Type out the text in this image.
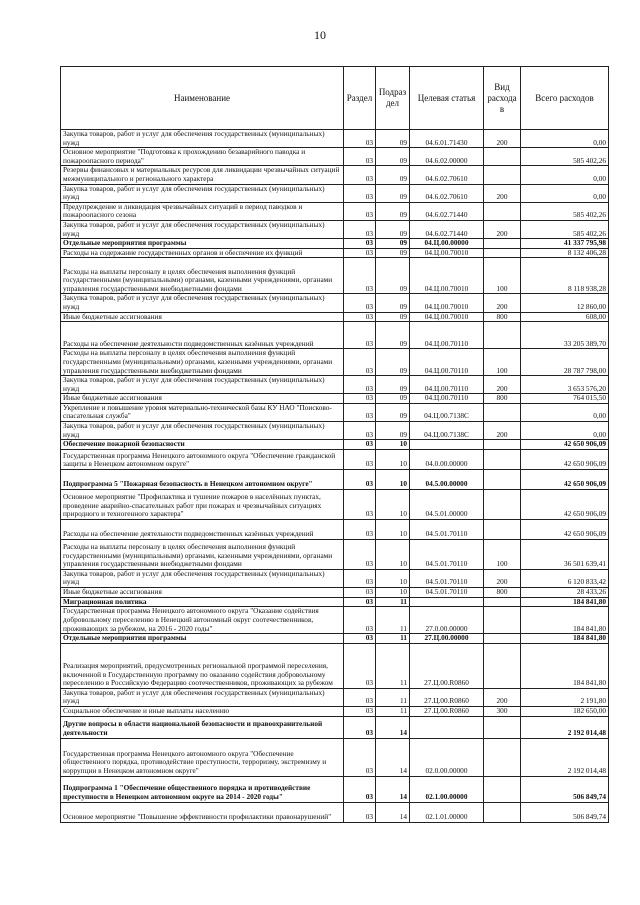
10
Наименование	Раздел	Подраз дел	Целевая статья	Вид расхода в	Всего расходов
Закупка товаров, работ и услуг для обеспечения государственных (муниципальных) нужд	03	09	04.6.01.71430	200	0,00
Основное мероприятие "Подготовка к прохождению безаварийного паводка и пожароопасного периода"	03	09	04.6.02.00000		585 402,26
Резервы финансовых и материальных ресурсов для ликвидации чрезвычайных ситуаций межмуниципального и регионального характера	03	09	04.6.02.70610		0,00
Закупка товаров, работ и услуг для обеспечения государственных (муниципальных) нужд	03	09	04.6.02.70610	200	0,00
Предупреждение и ликвидация чрезвычайных ситуаций в период паводков и пожароопасного сезона	03	09	04.6.02.71440		585 402,26
Закупка товаров, работ и услуг для обеспечения государственных (муниципальных) нужд	03	09	04.6.02.71440	200	585 402,26
Отдельные мероприятия программы	03	09	04.Ц.00.00000		41 337 795,98
Расходы на содержание государственных органов и обеспечение их функций	03	09	04.Ц.00.70010		8 132 406,28
Расходы на выплаты персоналу в целях обеспечения выполнения функций государственными (муниципальными) органами, казенными учреждениями, органами управления государственными внебюджетными фондами	03	09	04.Ц.00.70010	100	8 118 938,28
Закупка товаров, работ и услуг для обеспечения государственных (муниципальных) нужд	03	09	04.Ц.00.70010	200	12 860,00
Иные бюджетные ассигнования	03	09	04.Ц.00.70010	800	608,00
Расходы на обеспечение деятельности подведомственных казённых учреждений	03	09	04.Ц.00.70110		33 205 389,70
Расходы на выплаты персоналу в целях обеспечения выполнения функций государственными (муниципальными) органами, казенными учреждениями, органами управления государственными внебюджетными фондами	03	09	04.Ц.00.70110	100	28 787 798,00
Закупка товаров, работ и услуг для обеспечения государственных (муниципальных) нужд	03	09	04.Ц.00.70110	200	3 653 576,20
Иные бюджетные ассигнования	03	09	04.Ц.00.70110	800	764 015,50
Укрепление и повышение уровня материально-технической базы КУ НАО "Поисково-спасательная служба"	03	09	04.Ц.00.7138С		0,00
Закупка товаров, работ и услуг для обеспечения государственных (муниципальных) нужд	03	09	04.Ц.00.7138С	200	0,00
Обеспечение пожарной безопасности	03	10			42 650 906,09
Государственная программа Ненецкого автономного округа "Обеспечение гражданской защиты в Ненецком автономном округе"	03	10	04.0.00.00000		42 650 906,09
Подпрограмма 5 "Пожарная безопасность в Ненецком автономном округе"	03	10	04.5.00.00000		42 650 906,09
Основное мероприятие "Профилактика и тушение пожаров в населённых пунктах, проведение аварийно-спасательных работ при пожарах и чрезвычайных ситуациях природного и техногенного характера"	03	10	04.5.01.00000		42 650 906,09
Расходы на обеспечение деятельности подведомственных казённых учреждений	03	10	04.5.01.70110		42 650 906,09
Расходы на выплаты персоналу в целях обеспечения выполнения функций государственными (муниципальными) органами, казенными учреждениями, органами управления государственными внебюджетными фондами	03	10	04.5.01.70110	100	36 501 639,41
Закупка товаров, работ и услуг для обеспечения государственных (муниципальных) нужд	03	10	04.5.01.70110	200	6 120 833,42
Иные бюджетные ассигнования	03	10	04.5.01.70110	800	28 433,26
Миграционная политика	03	11			184 841,80
Государственная программа Ненецкого автономного округа "Оказание содействия добровольному переселению в Ненецкий автономный округ соотечественников, проживающих за рубежом, на 2016 - 2020 годы"	03	11	27.0.00.00000		184 841,80
Отдельные мероприятия программы	03	11	27.Ц.00.00000		184 841,80
Реализация мероприятий, предусмотренных региональной программой переселения, включенной в Государственную программу по оказанию содействия добровольному переселению в Российскую Федерацию соотечественников, проживающих за рубежом	03	11	27.Ц.00.R0860		184 841,80
Закупка товаров, работ и услуг для обеспечения государственных (муниципальных) нужд	03	11	27.Ц.00.R0860	200	2 191,80
Социальное обеспечение и иные выплаты населению	03	11	27.Ц.00.R0860	300	182 650,00
Другие вопросы в области национальной безопасности и правоохранительной деятельности	03	14			2 192 014,48
Государственная программа Ненецкого автономного округа "Обеспечение общественного порядка, противодействие преступности, терроризму, экстремизму и коррупции в Ненецком автономном округе"	03	14	02.0.00.00000		2 192 014,48
Подпрограмма 1 "Обеспечение общественного порядка и противодействие преступности в Ненецком автономном округе на 2014 - 2020 годы"	03	14	02.1.00.00000		506 849,74
Основное мероприятие "Повышение эффективности профилактики правонарушений"	03	14	02.1.01.00000		506 849,74
